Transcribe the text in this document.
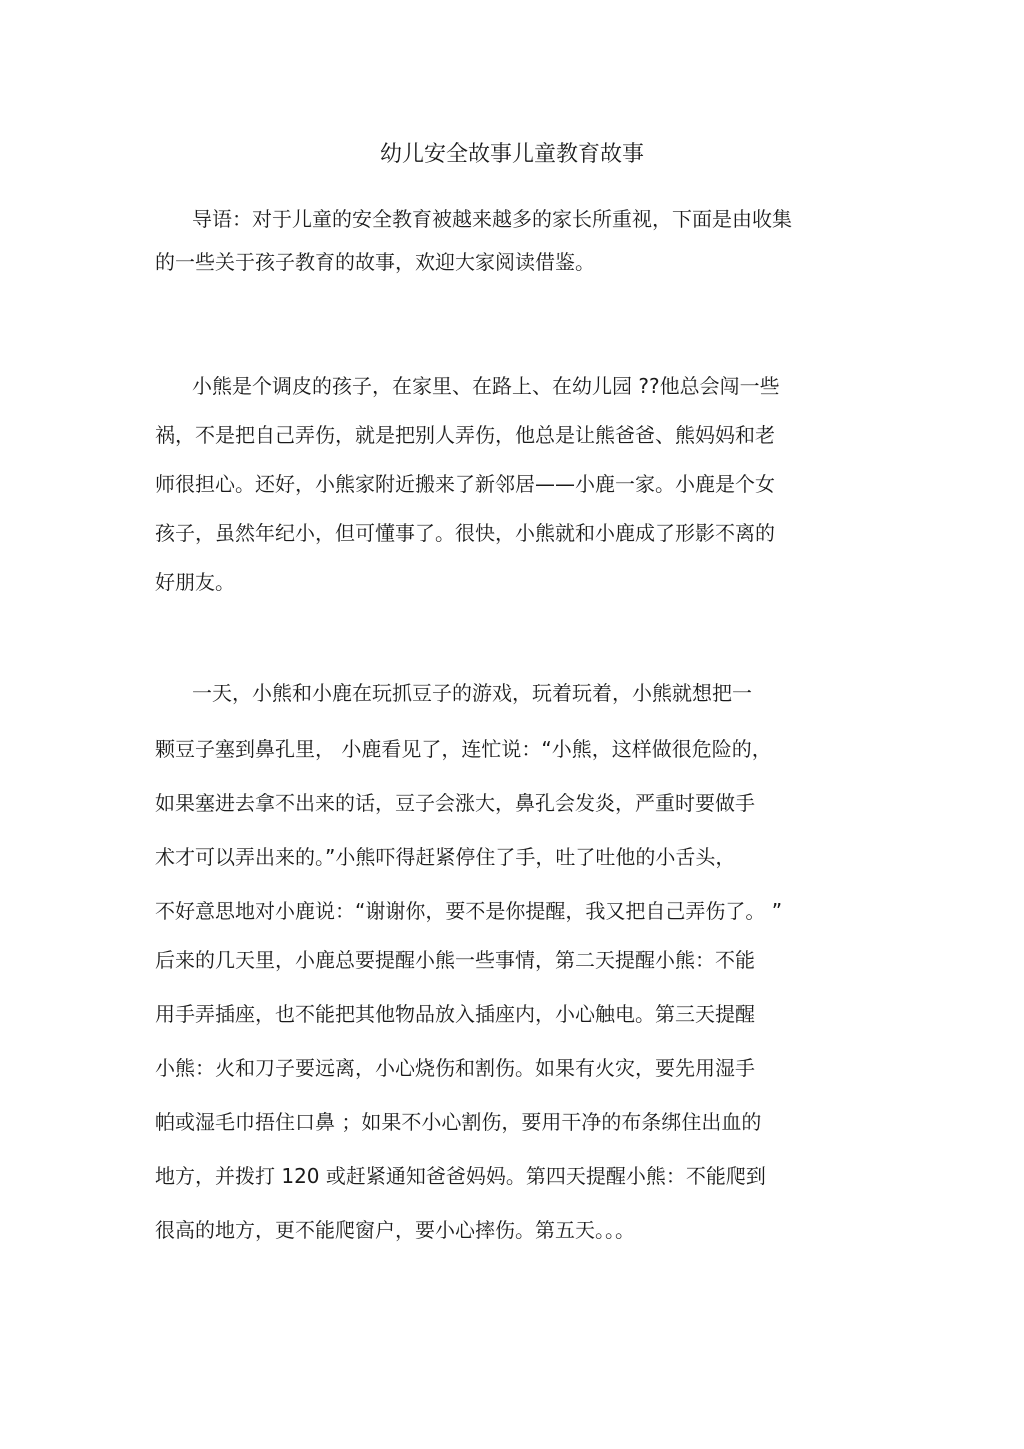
幼儿安全故事儿童教育故事

导语：对于儿童的安全教育被越来越多的家长所重视，下面是由收集

的一些关于孩子教育的故事，欢迎大家阅读借鉴。

小熊是个调皮的孩子，在家里、在路上、在幼儿园 ??他总会闯一些

祸，不是把自己弄伤，就是把别人弄伤，他总是让熊爸爸、熊妈妈和老

师很担心。还好，小熊家附近搬来了新邻居——小鹿一家。小鹿是个女

孩子，虽然年纪小，但可懂事了。很快，小熊就和小鹿成了形影不离的

好朋友。

一天，小熊和小鹿在玩抓豆子的游戏，玩着玩着，小熊就想把一

颗豆子塞到鼻孔里， 小鹿看见了，连忙说：“小熊，这样做很危险的，

如果塞进去拿不出来的话，豆子会涨大，鼻孔会发炎，严重时要做手

术才可以弄出来的。”小熊吓得赶紧停住了手，吐了吐他的小舌头，

不好意思地对小鹿说：“谢谢你，要不是你提醒，我又把自己弄伤了。 ”

后来的几天里，小鹿总要提醒小熊一些事情，第二天提醒小熊：不能

用手弄插座，也不能把其他物品放入插座内，小心触电。第三天提醒

小熊：火和刀子要远离，小心烧伤和割伤。如果有火灾，要先用湿手

帕或湿毛巾捂住口鼻 ；如果不小心割伤，要用干净的布条绑住出血的

地方，并拨打 120 或赶紧通知爸爸妈妈。第四天提醒小熊：不能爬到

很高的地方，更不能爬窗户，要小心摔伤。第五天。。。
